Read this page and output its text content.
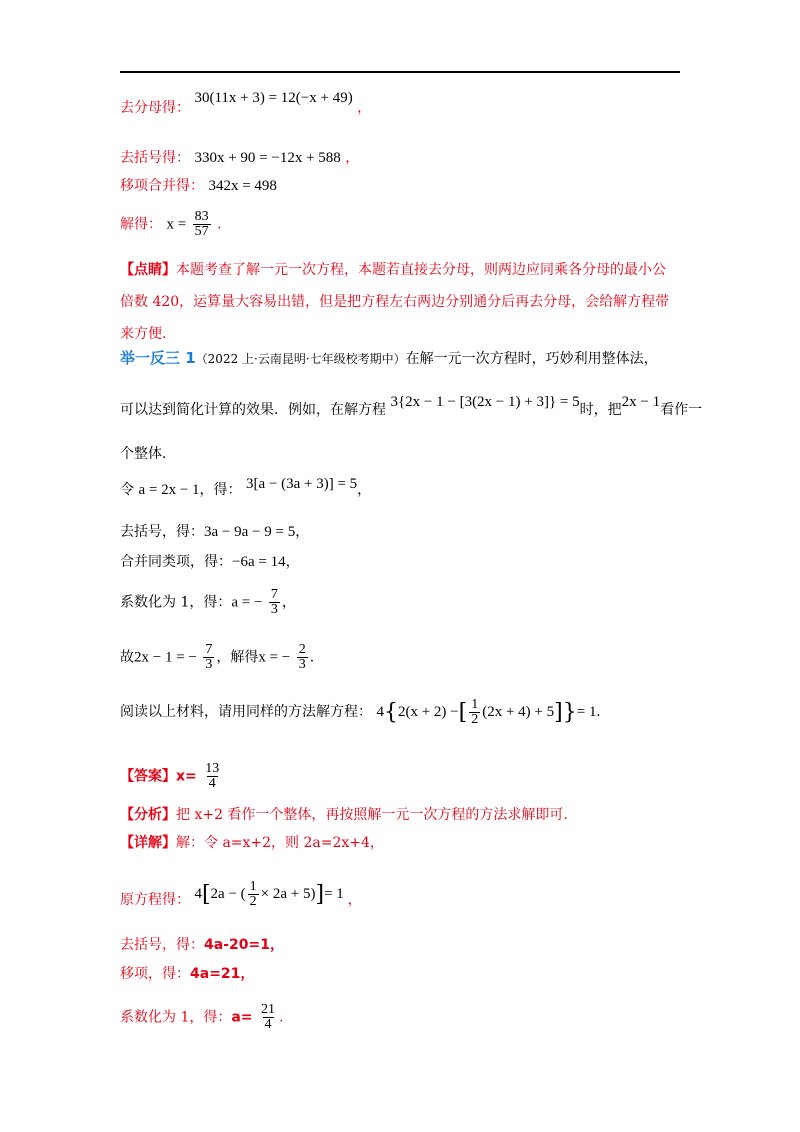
去分母得： 30(11x + 3) = 12(−x + 49) ，
去括号得： 330x + 90 = −12x + 588 ，
移项合并得： 342x = 498
解得： $x = \frac{83}{57}$ .
【点睛】本题考查了解一元一次方程，本题若直接去分母，则两边应同乘各分母的最小公
倍数 420，运算量大容易出错，但是把方程左右两边分别通分后再去分母，会给解方程带
来方便.
举一反三 1（2022 上·云南昆明·七年级校考期中）在解一元一次方程时，巧妙利用整体法，
可以达到简化计算的效果．例如，在解方程 3{2x − 1 − [3(2x − 1) + 3]} = 5时，把2x − 1看作一
个整体．
令 a = 2x − 1，得： 3[a − (3a + 3)] = 5，
去括号，得：3a − 9a − 9 = 5，
合并同类项，得：−6a = 14，
系数化为 1，得：a = − $\frac{7}{3}$ ，
故2x − 1 = − $\frac{7}{3}$ ，解得x = − $\frac{2}{3}$ .
阅读以上材料，请用同样的方法解方程： 4{2(x + 2) −[ $\frac{1}{2} (2x + 4) + 5]\}= 1$.
【答案】$x= \frac{13}{4}$
【分析】把 x+2 看作一个整体，再按照解一元一次方程的方法求解即可.
【详解】解：令 a=x+2，则 2a=2x+4，
原方程得： 4[2a − ( $\frac{1}{2} \times 2a + 5)]= 1$ ，
去括号，得：4a-20=1，
移项，得：4a=21，
系数化为 1，得：$a= \frac{21}{4}$ .
